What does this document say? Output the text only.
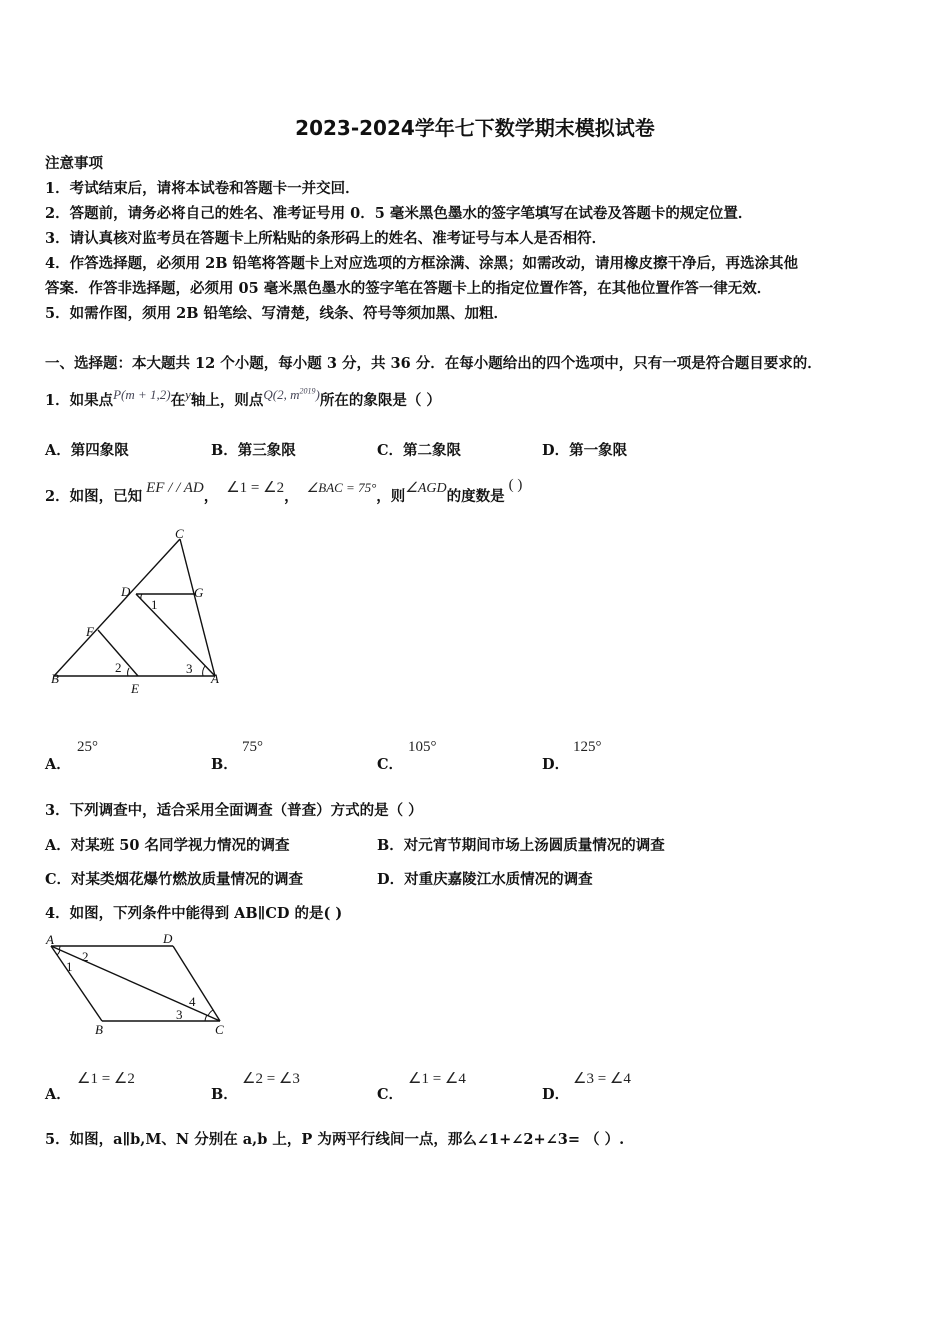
2023-2024学年七下数学期末模拟试卷
注意事项
1．考试结束后，请将本试卷和答题卡一并交回．
2．答题前，请务必将自己的姓名、准考证号用 0．5 毫米黑色墨水的签字笔填写在试卷及答题卡的规定位置．
3．请认真核对监考员在答题卡上所粘贴的条形码上的姓名、准考证号与本人是否相符．
4．作答选择题，必须用 2B 铅笔将答题卡上对应选项的方框涂满、涂黑；如需改动，请用橡皮擦干净后，再选涂其他
答案．作答非选择题，必须用 05 毫米黑色墨水的签字笔在答题卡上的指定位置作答，在其他位置作答一律无效．
5．如需作图，须用 2B 铅笔绘、写清楚，线条、符号等须加黑、加粗．
一、选择题：本大题共 12 个小题，每小题 3 分，共 36 分．在每小题给出的四个选项中，只有一项是符合题目要求的．
1．如果点P(m + 1,2)在y轴上，则点Q(2, $m^{2019}$)所在的象限是（ ）
A．第四象限	B．第三象限	C．第二象限	D．第一象限
2．如图，已知 EF / / AD， ∠1 = ∠2，∠BAC = 75°，则∠AGD的度数是( )
C
D	G
1
F
2	3
B
E
A
A．
25°
B．
75°
C．
105°
D．
125°
3．下列调查中，适合采用全面调查（普查）方式的是（ ）
A．对某班 50 名同学视力情况的调查	B．对元宵节期间市场上汤圆质量情况的调查
C．对某类烟花爆竹燃放质量情况的调查	D．对重庆嘉陵江水质情况的调查
4．如图，下列条件中能得到 AB∥CD 的是( )
A	D
2
1
4
3
B	C
A．
∠1 = ∠2
B．
∠2 = ∠3
C．
∠1 = ∠4
D．
∠3 = ∠4
5．如图，a∥b,M、N 分别在 a,b 上，P 为两平行线间一点，那么∠1+∠2+∠3= （ ）.
